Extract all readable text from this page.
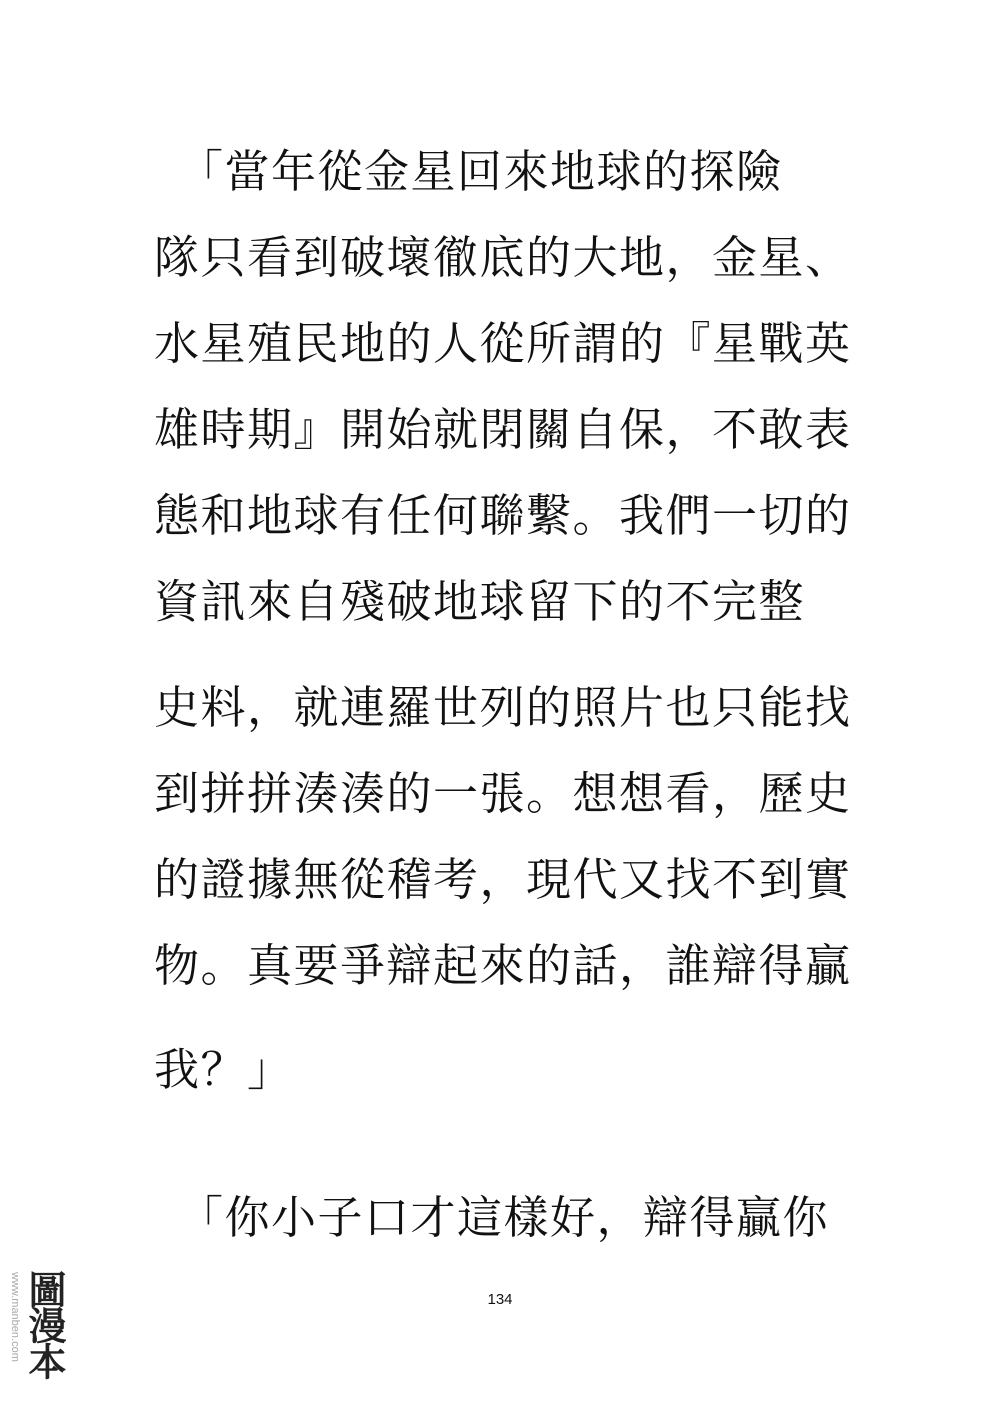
　「當年從金星回來地球的探險
隊只看到破壞徹底的大地，金星、
水星殖民地的人從所謂的『星戰英
雄時期』開始就閉關自保，不敢表
態和地球有任何聯繫。我們一切的
資訊來自殘破地球留下的不完整
史料，就連羅世列的照片也只能找
到拼拼湊湊的一張。想想看，歷史
的證據無從稽考，現代又找不到實
物。真要爭辯起來的話，誰辯得贏
我？」
　「你小子口才這樣好，辯得贏你
134
www.manben.com 圖漫本
